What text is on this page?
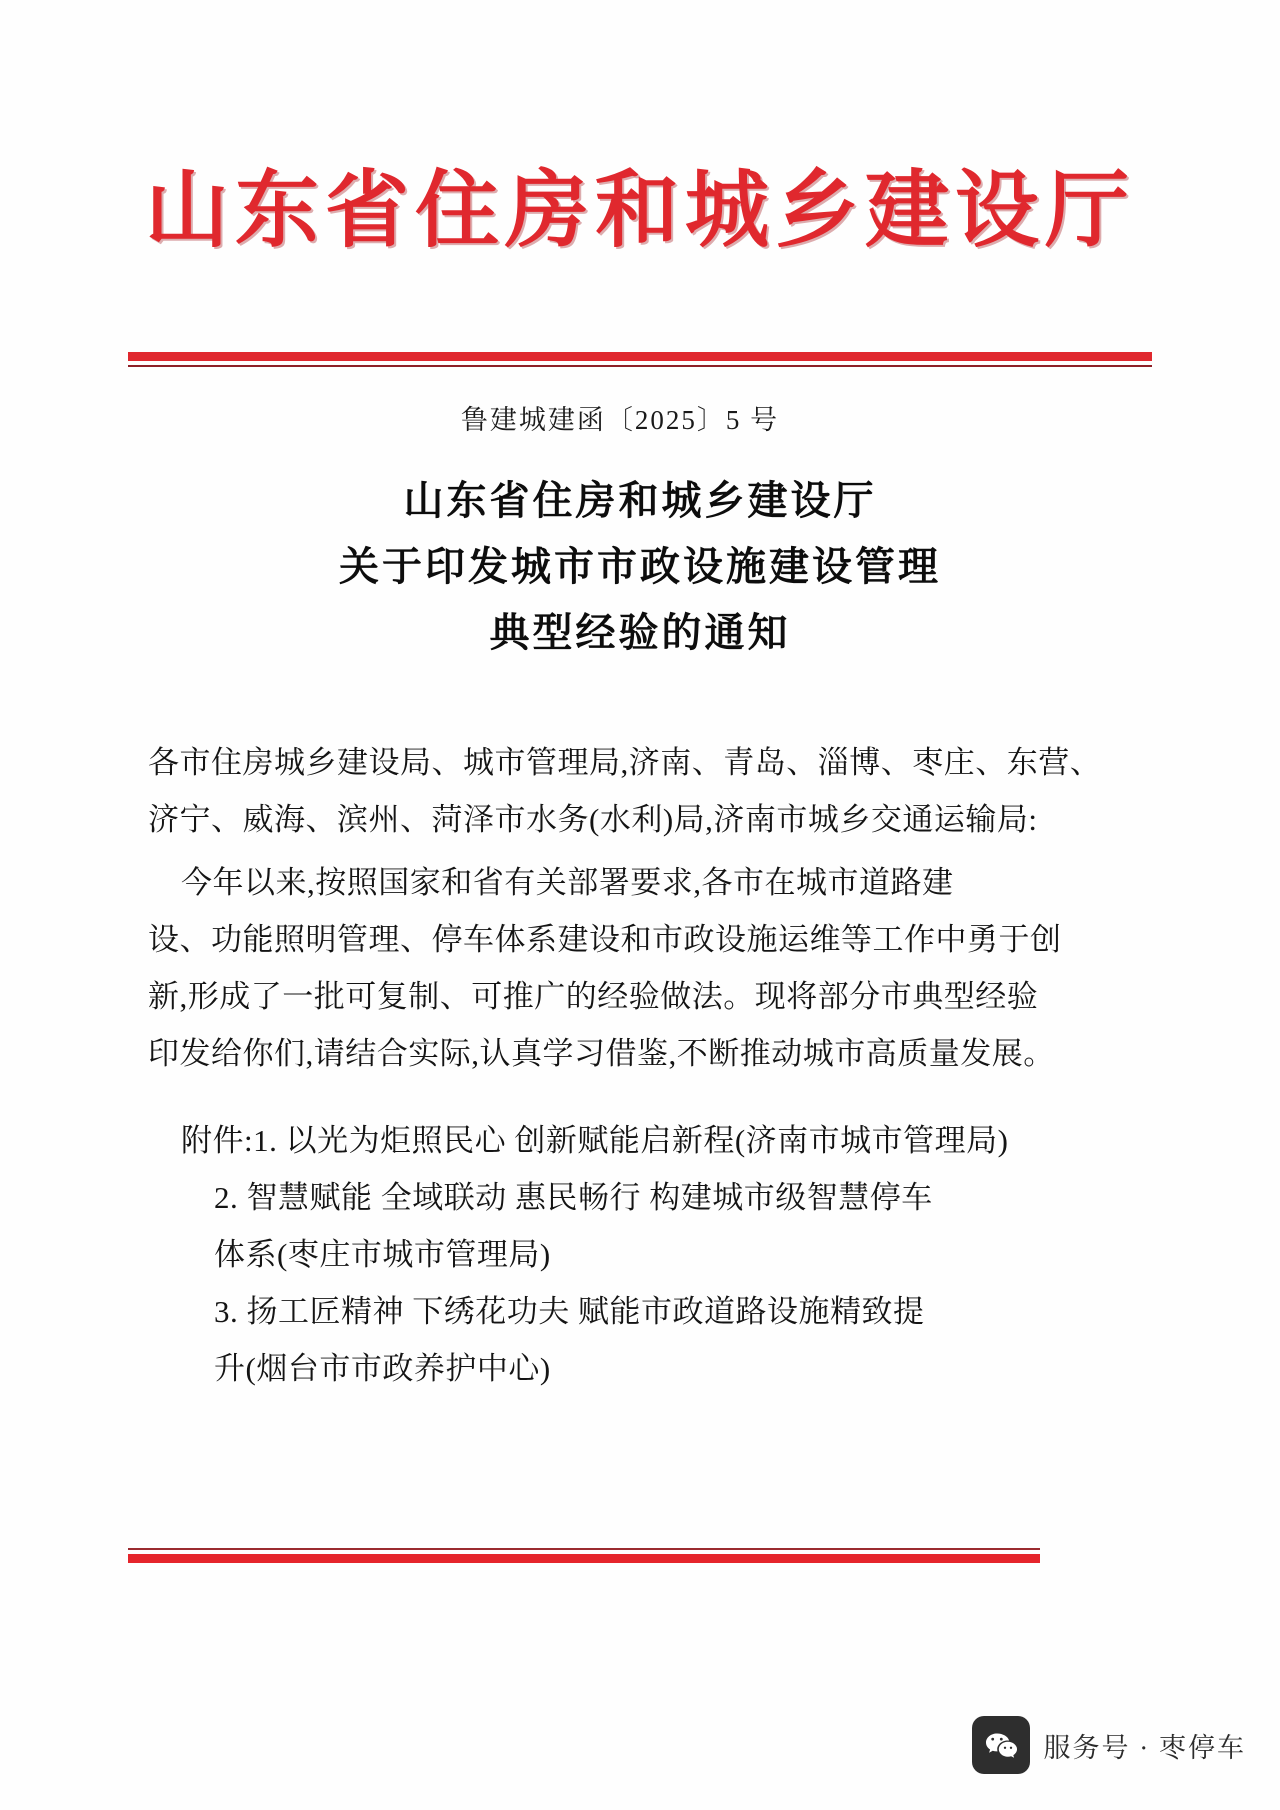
山东省住房和城乡建设厅
鲁建城建函〔2025〕5 号
山东省住房和城乡建设厅
关于印发城市市政设施建设管理
典型经验的通知
各市住房城乡建设局、城市管理局,济南、青岛、淄博、枣庄、东营、
济宁、威海、滨州、菏泽市水务(水利)局,济南市城乡交通运输局:
今年以来,按照国家和省有关部署要求,各市在城市道路建
设、功能照明管理、停车体系建设和市政设施运维等工作中勇于创
新,形成了一批可复制、可推广的经验做法。现将部分市典型经验
印发给你们,请结合实际,认真学习借鉴,不断推动城市高质量发展。
附件:1. 以光为炬照民心 创新赋能启新程(济南市城市管理局)
2. 智慧赋能 全域联动 惠民畅行 构建城市级智慧停车
体系(枣庄市城市管理局)
3. 扬工匠精神 下绣花功夫 赋能市政道路设施精致提
升(烟台市市政养护中心)
服务号 · 枣停车
